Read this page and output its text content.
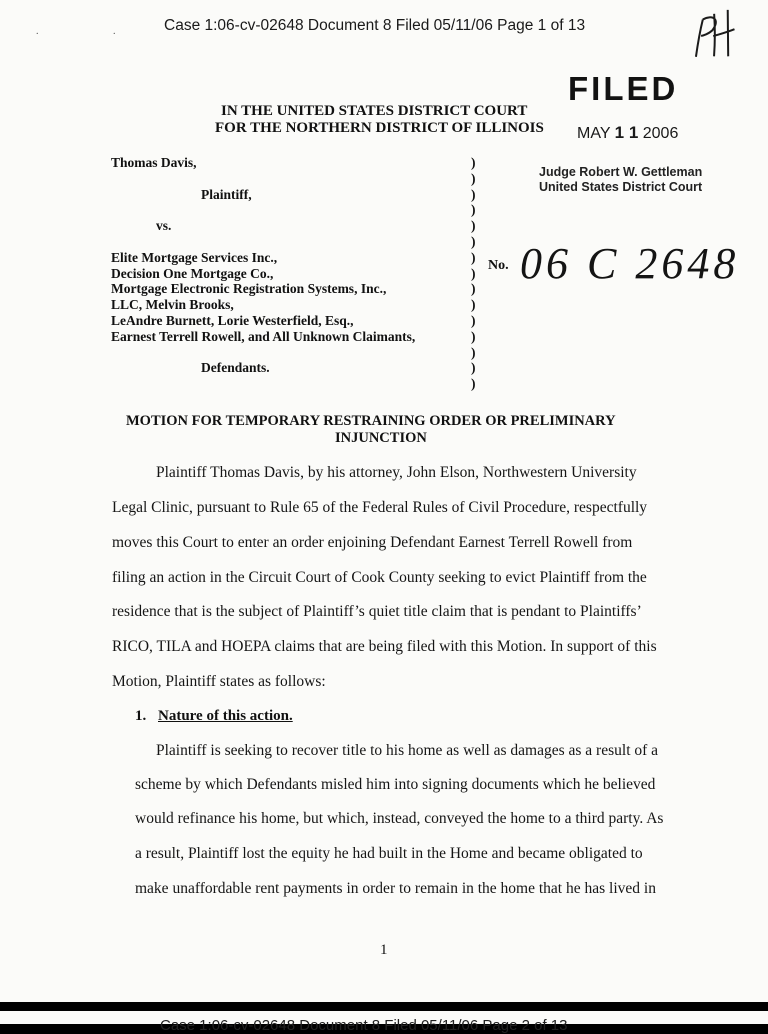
Case 1:06-cv-02648 Document 8 Filed 05/11/06 Page 1 of 13
. .
FILED
MAY 1 1 2006
Judge Robert W. Gettleman
United States District Court
IN THE UNITED STATES DISTRICT COURT
FOR THE NORTHERN DISTRICT OF ILLINOIS
Thomas Davis,
Plaintiff,
vs.
Elite Mortgage Services Inc.,
Decision One Mortgage Co.,
Mortgage Electronic Registration Systems, Inc.,
LLC, Melvin Brooks,
LeAndre Burnett, Lorie Westerfield, Esq.,
Earnest Terrell Rowell, and All Unknown Claimants,
Defendants.
)
)
)
)
)
)
)
)
)
)
)
)
)
)
)
No. 06 C 2648
MOTION FOR TEMPORARY RESTRAINING ORDER OR PRELIMINARY
INJUNCTION
Plaintiff Thomas Davis, by his attorney, John Elson, Northwestern University
Legal Clinic, pursuant to Rule 65 of the Federal Rules of Civil Procedure, respectfully
moves this Court to enter an order enjoining Defendant Earnest Terrell Rowell from
filing an action in the Circuit Court of Cook County seeking to evict Plaintiff from the
residence that is the subject of Plaintiff’s quiet title claim that is pendant to Plaintiffs’
RICO, TILA and HOEPA claims that are being filed with this Motion. In support of this
Motion, Plaintiff states as follows:
1. Nature of this action.
Plaintiff is seeking to recover title to his home as well as damages as a result of a
scheme by which Defendants misled him into signing documents which he believed
would refinance his home, but which, instead, conveyed the home to a third party. As
a result, Plaintiff lost the equity he had built in the Home and became obligated to
make unaffordable rent payments in order to remain in the home that he has lived in
1
Case 1:06-cv-02648 Document 8 Filed 05/11/06 Page 2 of 13
